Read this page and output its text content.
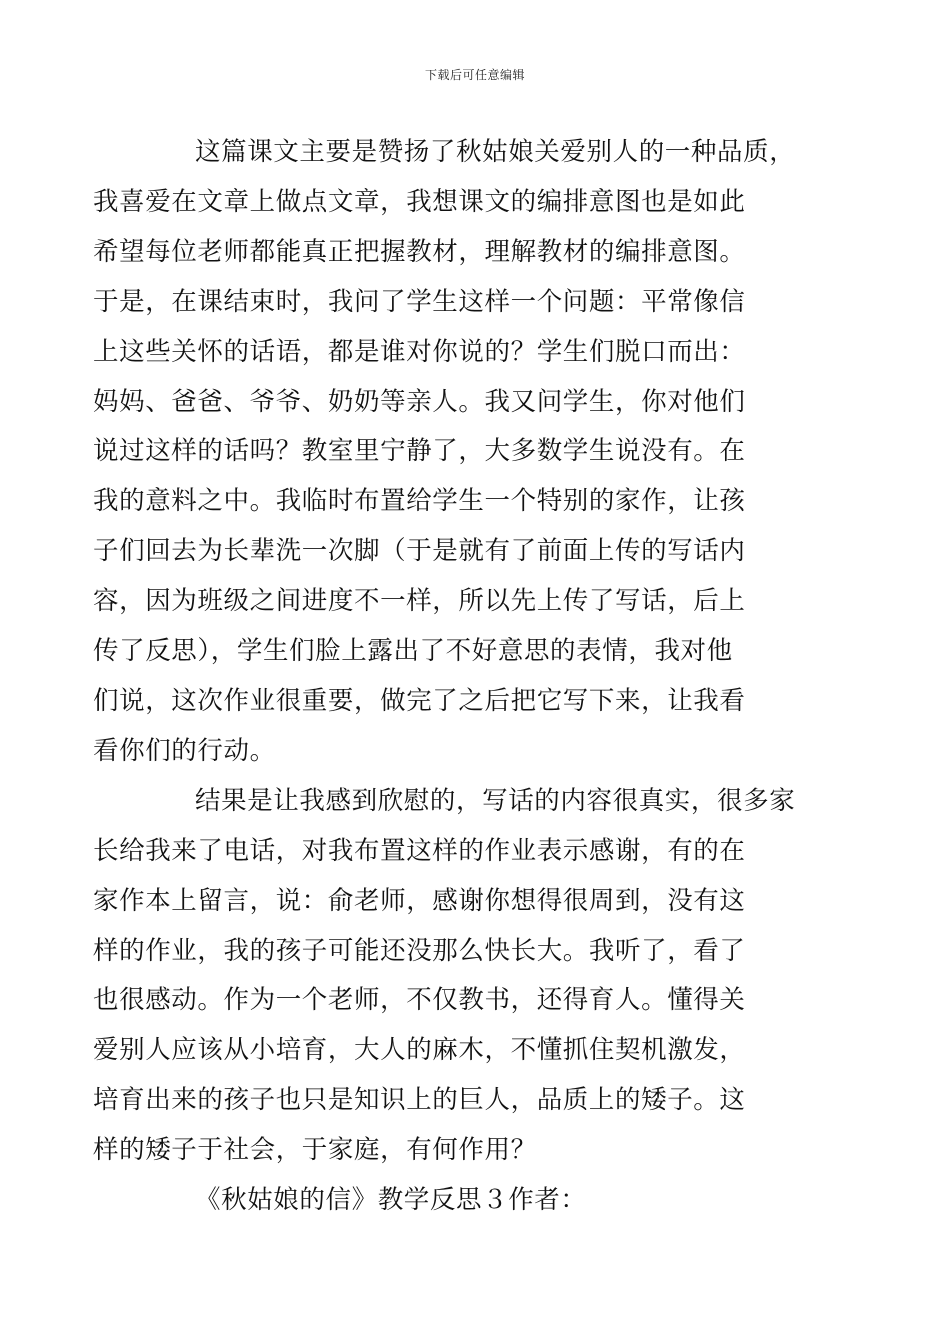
下载后可任意编辑

这篇课文主要是赞扬了秋姑娘关爱别人的一种品质，
我喜爱在文章上做点文章，我想课文的编排意图也是如此
希望每位老师都能真正把握教材，理解教材的编排意图。
于是，在课结束时，我问了学生这样一个问题：平常像信
上这些关怀的话语，都是谁对你说的？学生们脱口而出：
妈妈、爸爸、爷爷、奶奶等亲人。我又问学生，你对他们
说过这样的话吗？教室里宁静了，大多数学生说没有。在
我的意料之中。我临时布置给学生一个特别的家作，让孩
子们回去为长辈洗一次脚（于是就有了前面上传的写话内
容，因为班级之间进度不一样，所以先上传了写话，后上
传了反思），学生们脸上露出了不好意思的表情，我对他
们说，这次作业很重要，做完了之后把它写下来，让我看
看你们的行动。

结果是让我感到欣慰的，写话的内容很真实，很多家
长给我来了电话，对我布置这样的作业表示感谢，有的在
家作本上留言，说：俞老师，感谢你想得很周到，没有这
样的作业，我的孩子可能还没那么快长大。我听了，看了
也很感动。作为一个老师，不仅教书，还得育人。懂得关
爱别人应该从小培育，大人的麻木，不懂抓住契机激发，
培育出来的孩子也只是知识上的巨人，品质上的矮子。这
样的矮子于社会，于家庭，有何作用？

《秋姑娘的信》教学反思３作者：
